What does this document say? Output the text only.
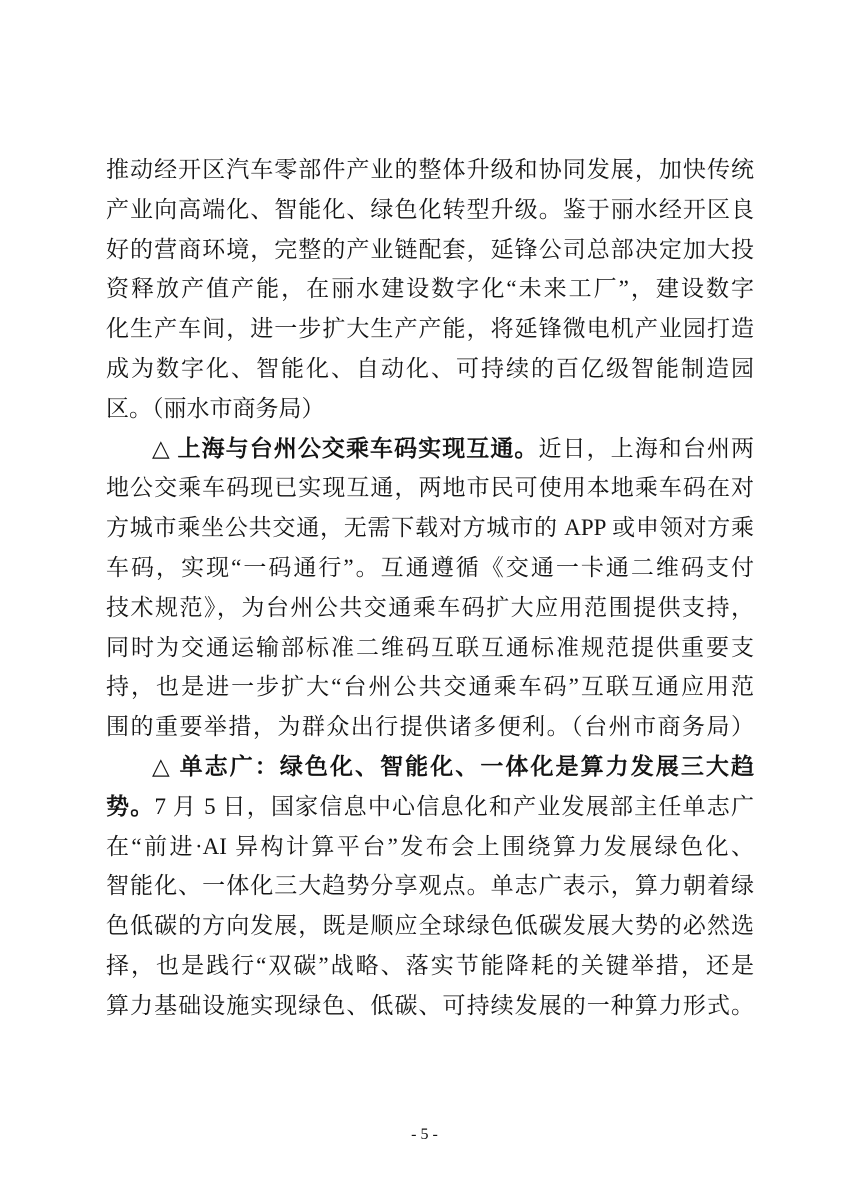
推动经开区汽车零部件产业的整体升级和协同发展，加快传统
产业向高端化、智能化、绿色化转型升级。鉴于丽水经开区良
好的营商环境，完整的产业链配套，延锋公司总部决定加大投
资释放产值产能，在丽水建设数字化“未来工厂”，建设数字
化生产车间，进一步扩大生产产能，将延锋微电机产业园打造
成为数字化、智能化、自动化、可持续的百亿级智能制造园
区。（丽水市商务局）
△ 上海与台州公交乘车码实现互通。近日，上海和台州两
地公交乘车码现已实现互通，两地市民可使用本地乘车码在对
方城市乘坐公共交通，无需下载对方城市的 APP 或申领对方乘
车码，实现“一码通行”。互通遵循《交通一卡通二维码支付
技术规范》，为台州公共交通乘车码扩大应用范围提供支持，
同时为交通运输部标准二维码互联互通标准规范提供重要支
持，也是进一步扩大“台州公共交通乘车码”互联互通应用范
围的重要举措，为群众出行提供诸多便利。（台州市商务局）
△ 单志广：绿色化、智能化、一体化是算力发展三大趋
势。7 月 5 日，国家信息中心信息化和产业发展部主任单志广
在“前进·AI 异构计算平台”发布会上围绕算力发展绿色化、
智能化、一体化三大趋势分享观点。单志广表示，算力朝着绿
色低碳的方向发展，既是顺应全球绿色低碳发展大势的必然选
择，也是践行“双碳”战略、落实节能降耗的关键举措，还是
算力基础设施实现绿色、低碳、可持续发展的一种算力形式。
- 5 -
